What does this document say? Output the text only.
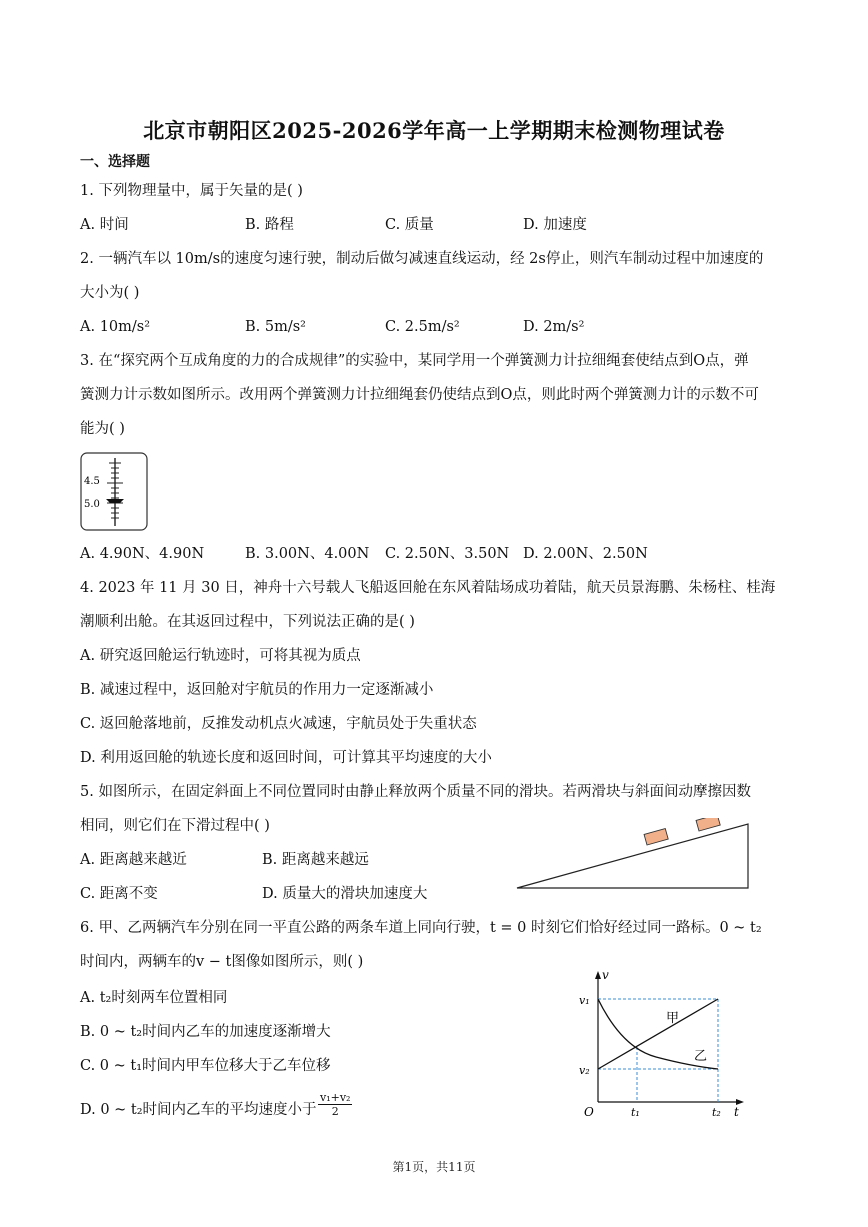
北京市朝阳区2025-2026学年高一上学期期末检测物理试卷
一、选择题
1. 下列物理量中，属于矢量的是( )
A. 时间	B. 路程	C. 质量	D. 加速度
2. 一辆汽车以 10m/s的速度匀速行驶，制动后做匀减速直线运动，经 2s停止，则汽车制动过程中加速度的
大小为( )
A. 10m/s²	B. 5m/s²	C. 2.5m/s²	D. 2m/s²
3. 在“探究两个互成角度的力的合成规律”的实验中，某同学用一个弹簧测力计拉细绳套使结点到O点，弹
簧测力计示数如图所示。改用两个弹簧测力计拉细绳套仍使结点到O点，则此时两个弹簧测力计的示数不可
能为( )
4.5
5.0
A. 4.90N、4.90N	B. 3.00N、4.00N C. 2.50N、3.50N D. 2.00N、2.50N
4. 2023 年 11 月 30 日，神舟十六号载人飞船返回舱在东风着陆场成功着陆，航天员景海鹏、朱杨柱、桂海
潮顺利出舱。在其返回过程中，下列说法正确的是( )
A. 研究返回舱运行轨迹时，可将其视为质点
B. 减速过程中，返回舱对宇航员的作用力一定逐渐减小
C. 返回舱落地前，反推发动机点火减速，宇航员处于失重状态
D. 利用返回舱的轨迹长度和返回时间，可计算其平均速度的大小
5. 如图所示，在固定斜面上不同位置同时由静止释放两个质量不同的滑块。若两滑块与斜面间动摩擦因数
相同，则它们在下滑过程中( )
A. 距离越来越近	B. 距离越来越远
C. 距离不变	D. 质量大的滑块加速度大
6. 甲、乙两辆汽车分别在同一平直公路的两条车道上同向行驶，t = 0 时刻它们恰好经过同一路标。0 ~ t₂
时间内，两辆车的v − t图像如图所示，则( )
A. t₂时刻两车位置相同
B. 0 ~ t₂时间内乙车的加速度逐渐增大
C. 0 ~ t₁时间内甲车位移大于乙车位移
D. 0 ~ t₂时间内乙车的平均速度小于 $\frac{\text{v₁+v₂}}{2}$
v
t
O
v₁
v₂
t₁	t₂
甲
乙
第1页，共11页
